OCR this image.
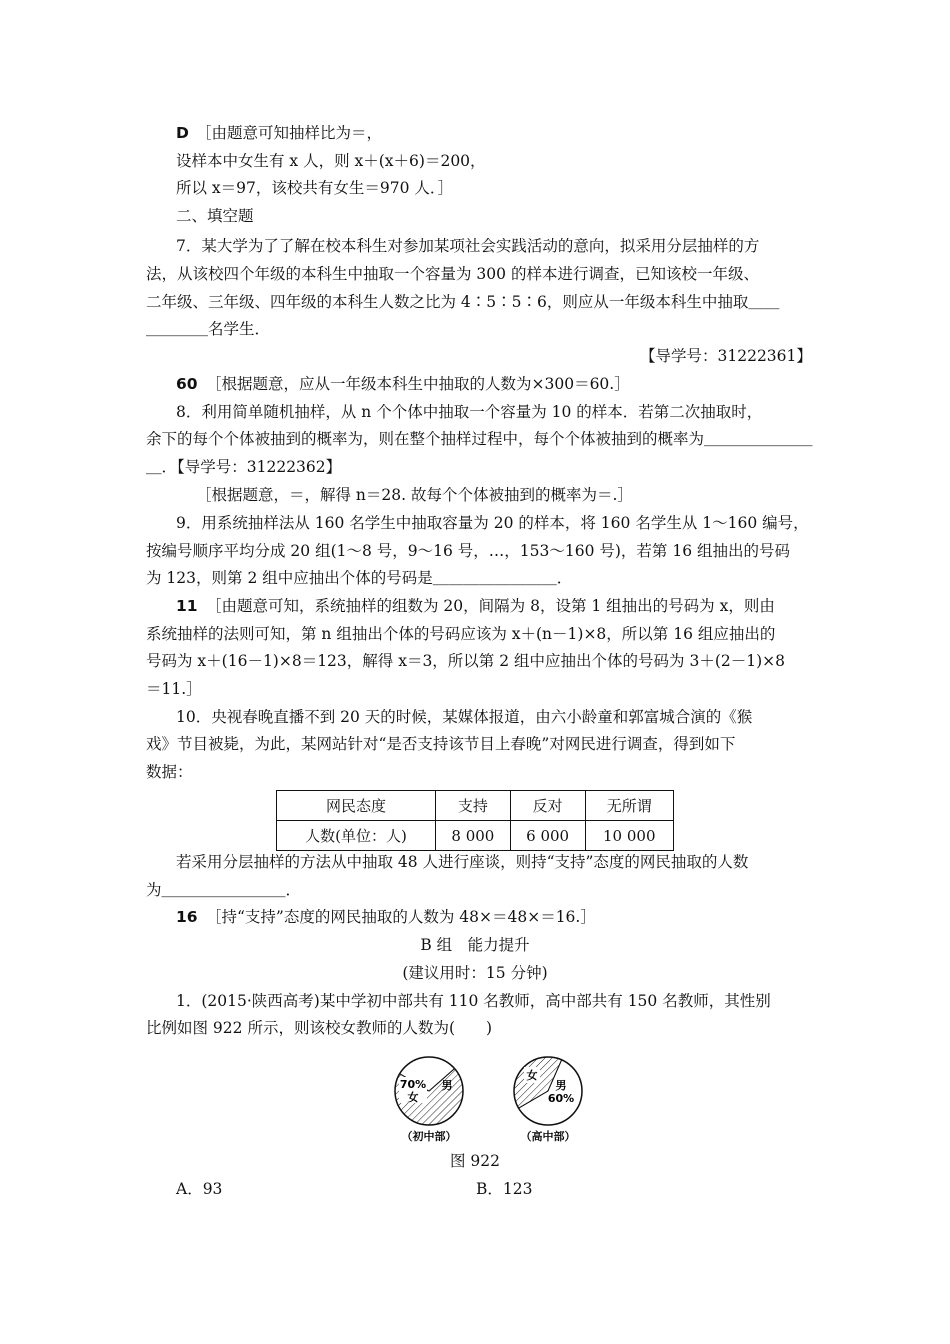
D ［由题意可知抽样比为＝，
设样本中女生有 x 人，则 x＋(x＋6)＝200，
所以 x＝97，该校共有女生＝970 人．］
二、填空题
7．某大学为了了解在校本科生对参加某项社会实践活动的意向，拟采用分层抽样的方
法，从该校四个年级的本科生中抽取一个容量为 300 的样本进行调查，已知该校一年级、
二年级、三年级、四年级的本科生人数之比为 4∶5∶5∶6，则应从一年级本科生中抽取＿＿
＿＿＿＿名学生．
【导学号：31222361】
60 ［根据题意，应从一年级本科生中抽取的人数为×300＝60.］
8．利用简单随机抽样，从 n 个个体中抽取一个容量为 10 的样本．若第二次抽取时，
余下的每个个体被抽到的概率为，则在整个抽样过程中，每个个体被抽到的概率为＿＿＿＿＿＿＿
＿．【导学号：31222362】
［根据题意，＝，解得 n＝28. 故每个个体被抽到的概率为＝.］
9．用系统抽样法从 160 名学生中抽取容量为 20 的样本，将 160 名学生从 1～160 编号，
按编号顺序平均分成 20 组(1～8 号，9～16 号，…，153～160 号)，若第 16 组抽出的号码
为 123，则第 2 组中应抽出个体的号码是＿＿＿＿＿＿＿＿．
11 ［由题意可知，系统抽样的组数为 20，间隔为 8，设第 1 组抽出的号码为 x，则由
系统抽样的法则可知，第 n 组抽出个体的号码应该为 x＋(n－1)×8，所以第 16 组应抽出的
号码为 x＋(16－1)×8＝123，解得 x＝3，所以第 2 组中应抽出个体的号码为 3＋(2－1)×8
＝11.］
10．央视春晚直播不到 20 天的时候，某媒体报道，由六小龄童和郭富城合演的《猴
戏》节目被毙，为此，某网站针对“是否支持该节目上春晚”对网民进行调查，得到如下
数据：
网民态度	支持	反对	无所谓
人数(单位：人)	8 000	6 000	10 000
若采用分层抽样的方法从中抽取 48 人进行座谈，则持“支持”态度的网民抽取的人数
为＿＿＿＿＿＿＿＿．
16 ［持“支持”态度的网民抽取的人数为 48×＝48×＝16.］
B 组　能力提升
(建议用时：15 分钟)
1．(2015·陕西高考)某中学初中部共有 110 名教师，高中部共有 150 名教师，其性别
比例如图 922 所示，则该校女教师的人数为(　　)
70%
女
男
（初中部）
女
男
60%
（高中部）
图 922
A．93	B．123
